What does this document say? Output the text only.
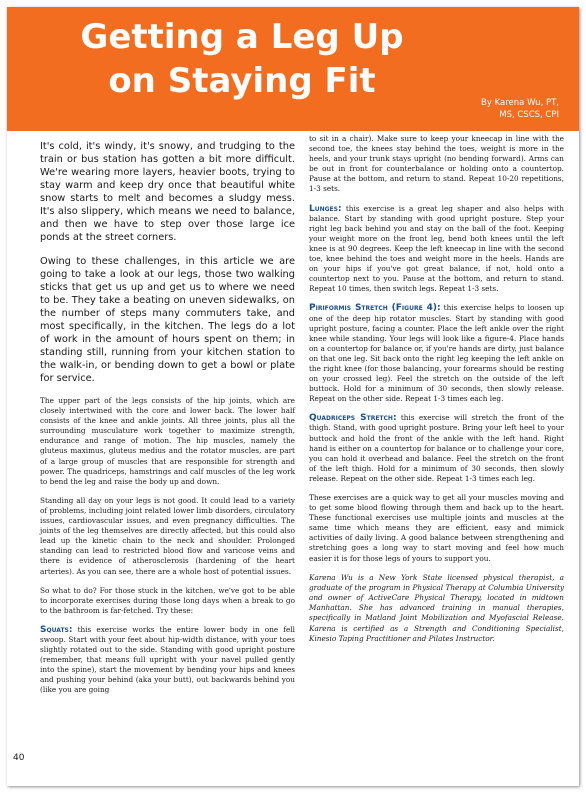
Getting a Leg Up
on Staying Fit

By Karena Wu, PT,
MS, CSCS, CPI

It's cold, it's windy, it's snowy, and trudging to the train or bus station has gotten a bit more difficult. We're wearing more layers, heavier boots, trying to stay warm and keep dry once that beautiful white snow starts to melt and becomes a sludgy mess. It's also slippery, which means we need to balance, and then we have to step over those large ice ponds at the street corners.

Owing to these challenges, in this article we are going to take a look at our legs, those two walking sticks that get us up and get us to where we need to be. They take a beating on uneven sidewalks, on the number of steps many commuters take, and most specifically, in the kitchen. The legs do a lot of work in the amount of hours spent on them; in standing still, running from your kitchen station to the walk-in, or bending down to get a bowl or plate for service.

The upper part of the legs consists of the hip joints, which are closely intertwined with the core and lower back. The lower half consists of the knee and ankle joints. All three joints, plus all the surrounding musculature work together to maximize strength, endurance and range of motion. The hip muscles, namely the gluteus maximus, gluteus medius and the rotator muscles, are part of a large group of muscles that are responsible for strength and power. The quadriceps, hamstrings and calf muscles of the leg work to bend the leg and raise the body up and down.

Standing all day on your legs is not good. It could lead to a variety of problems, including joint related lower limb disorders, circulatory issues, cardiovascular issues, and even pregnancy difficulties. The joints of the leg themselves are directly affected, but this could also lead up the kinetic chain to the neck and shoulder. Prolonged standing can lead to restricted blood flow and varicose veins and there is evidence of atherosclerosis (hardening of the heart arteries). As you can see, there are a whole host of potential issues.

So what to do? For those stuck in the kitchen, we've got to be able to incorporate exercises during those long days when a break to go to the bathroom is far-fetched. Try these:

Squats: this exercise works the entire lower body in one fell swoop. Start with your feet about hip-width distance, with your toes slightly rotated out to the side. Standing with good upright posture (remember, that means full upright with your navel pulled gently into the spine), start the movement by bending your hips and knees and pushing your behind (aka your butt), out backwards behind you (like you are going

to sit in a chair). Make sure to keep your kneecap in line with the second toe, the knees stay behind the toes, weight is more in the heels, and your trunk stays upright (no bending forward). Arms can be out in front for counterbalance or holding onto a countertop. Pause at the bottom, and return to stand. Repeat 10-20 repetitions, 1-3 sets.

Lunges: this exercise is a great leg shaper and also helps with balance. Start by standing with good upright posture. Step your right leg back behind you and stay on the ball of the foot. Keeping your weight more on the front leg, bend both knees until the left knee is at 90 degrees. Keep the left kneecap in line with the second toe, knee behind the toes and weight more in the heels. Hands are on your hips if you've got great balance, if not, hold onto a countertop next to you. Pause at the bottom, and return to stand. Repeat 10 times, then switch legs. Repeat 1-3 sets.

Piriformis Stretch (Figure 4): this exercise helps to loosen up one of the deep hip rotator muscles. Start by standing with good upright posture, facing a counter. Place the left ankle over the right knee while standing. Your legs will look like a figure-4. Place hands on a countertop for balance or, if you're hands are dirty, just balance on that one leg. Sit back onto the right leg keeping the left ankle on the right knee (for those balancing, your forearms should be resting on your crossed leg). Feel the stretch on the outside of the left buttock. Hold for a minimum of 30 seconds, then slowly release. Repeat on the other side. Repeat 1-3 times each leg.

Quadriceps Stretch: this exercise will stretch the front of the thigh. Stand, with good upright posture. Bring your left heel to your buttock and hold the front of the ankle with the left hand. Right hand is either on a countertop for balance or to challenge your core, you can hold it overhead and balance. Feel the stretch on the front of the left thigh. Hold for a minimum of 30 seconds, then slowly release. Repeat on the other side. Repeat 1-3 times each leg.

These exercises are a quick way to get all your muscles moving and to get some blood flowing through them and back up to the heart. These functional exercises use multiple joints and muscles at the same time which means they are efficient, easy and mimick activities of daily living. A good balance between strengthening and stretching goes a long way to start moving and feel how much easier it is for those legs of yours to support you.

Karena Wu is a New York State licensed physical therapist, a graduate of the program in Physical Therapy at Columbia University and owner of ActiveCare Physical Therapy, located in midtown Manhattan. She has advanced training in manual therapies, specifically in Matland Joint Mobilization and Myofascial Release. Karena is certified as a Strength and Conditioning Specialist, Kinesio Taping Practitioner and Pilates Instructor.

40
